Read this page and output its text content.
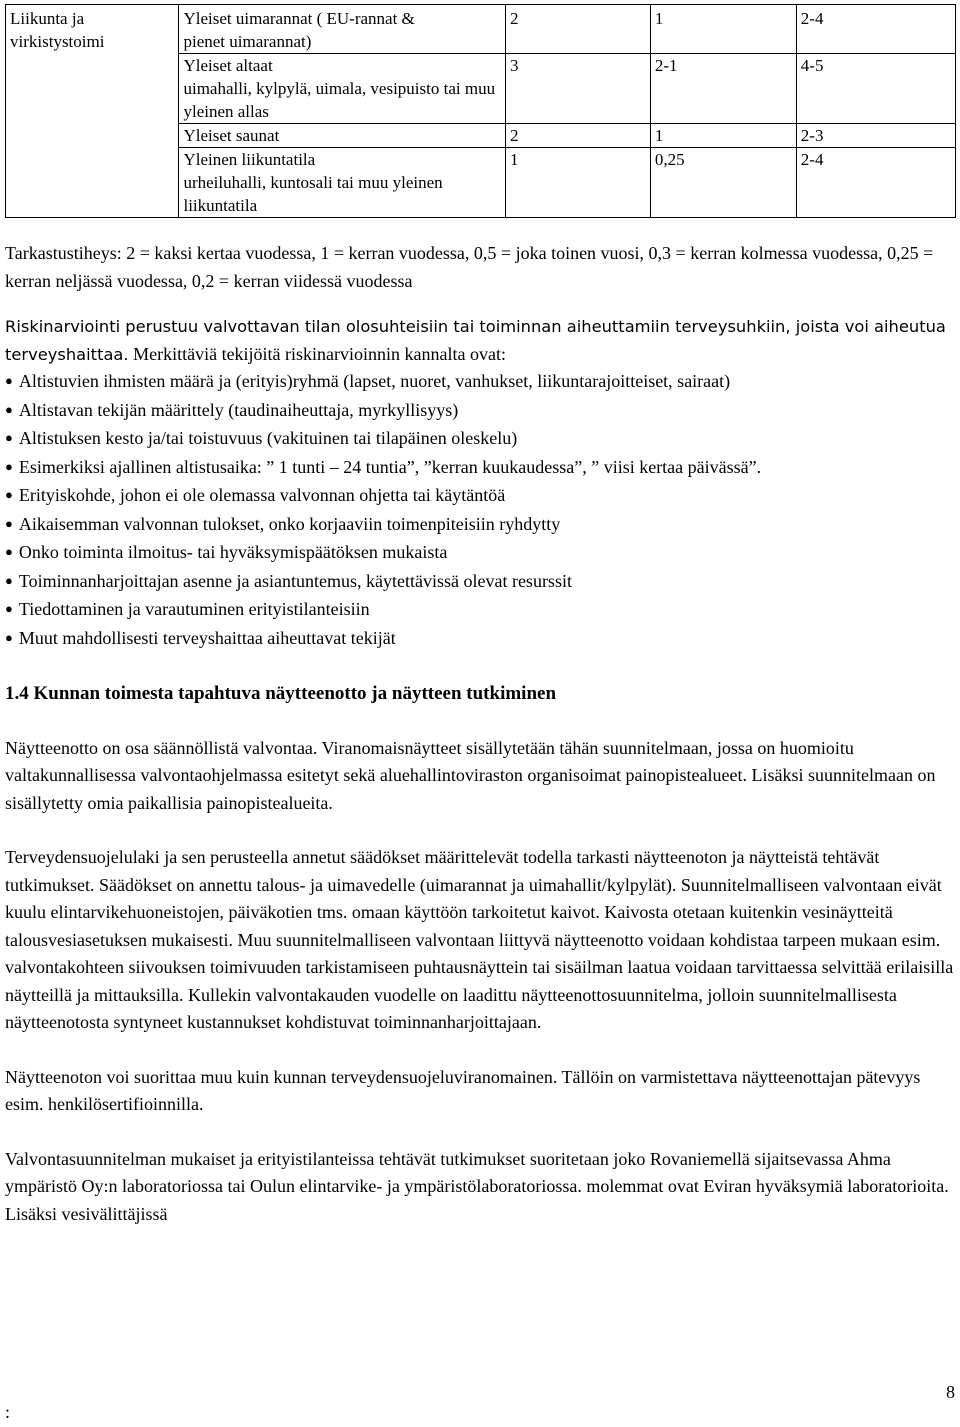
Liikunta ja
virkistystoimi	Yleiset uimarannat ( EU-rannat &
pienet uimarannat)	2	1	2-4

	Yleiset altaat
uimahalli, kylpylä, uimala, vesipuisto tai muu yleinen allas	3	2-1	4-5

	Yleiset saunat	2	1	2-3

	Yleinen liikuntatila
urheiluhalli, kuntosali tai muu yleinen liikuntatila	1	0,25	2-4

Tarkastustiheys: 2 = kaksi kertaa vuodessa, 1 = kerran vuodessa, 0,5 = joka toinen vuosi, 0,3 = kerran kolmessa vuodessa, 0,25 = kerran neljässä vuodessa, 0,2 = kerran viidessä vuodessa

Riskinarviointi perustuu valvottavan tilan olosuhteisiin tai toiminnan aiheuttamiin terveysuhkiin, joista voi aiheutua terveyshaittaa. Merkittäviä tekijöitä riskinarvioinnin kannalta ovat:

● Altistuvien ihmisten määrä ja (erityis)ryhmä (lapset, nuoret, vanhukset, liikuntarajoitteiset, sairaat)
● Altistavan tekijän määrittely (taudinaiheuttaja, myrkyllisyys)
● Altistuksen kesto ja/tai toistuvuus (vakituinen tai tilapäinen oleskelu)
● Esimerkiksi ajallinen altistusaika: ” 1 tunti – 24 tuntia”, ”kerran kuukaudessa”, ” viisi kertaa päivässä”.
● Erityiskohde, johon ei ole olemassa valvonnan ohjetta tai käytäntöä
● Aikaisemman valvonnan tulokset, onko korjaaviin toimenpiteisiin ryhdytty
● Onko toiminta ilmoitus- tai hyväksymispäätöksen mukaista
● Toiminnanharjoittajan asenne ja asiantuntemus, käytettävissä olevat resurssit
● Tiedottaminen ja varautuminen erityistilanteisiin
● Muut mahdollisesti terveyshaittaa aiheuttavat tekijät
1.4 Kunnan toimesta tapahtuva näytteenotto ja näytteen tutkiminen

Näytteenotto on osa säännöllistä valvontaa. Viranomaisnäytteet sisällytetään tähän suunnitelmaan, jossa on huomioitu valtakunnallisessa valvontaohjelmassa esitetyt sekä aluehallintoviraston organisoimat painopistealueet. Lisäksi suunnitelmaan on sisällytetty omia paikallisia painopistealueita.

Terveydensuojelulaki ja sen perusteella annetut säädökset määrittelevät todella tarkasti näytteenoton ja näytteistä tehtävät tutkimukset. Säädökset on annettu talous- ja uimavedelle (uimarannat ja uimahallit/kylpylät). Suunnitelmalliseen valvontaan eivät kuulu elintarvikehuoneistojen, päiväkotien tms. omaan käyttöön tarkoitetut kaivot. Kaivosta otetaan kuitenkin vesinäytteitä talousvesiasetuksen mukaisesti. Muu suunnitelmalliseen valvontaan liittyvä näytteenotto voidaan kohdistaa tarpeen mukaan esim. valvontakohteen siivouksen toimivuuden tarkistamiseen puhtausnäyttein tai sisäilman laatua voidaan tarvittaessa selvittää erilaisilla näytteillä ja mittauksilla. Kullekin valvontakauden vuodelle on laadittu näytteenottosuunnitelma, jolloin suunnitelmallisesta näytteenotosta syntyneet kustannukset kohdistuvat toiminnanharjoittajaan.

Näytteenoton voi suorittaa muu kuin kunnan terveydensuojeluviranomainen. Tällöin on varmistettava näytteenottajan pätevyys esim. henkilösertifioinnilla.

Valvontasuunnitelman mukaiset ja erityistilanteissa tehtävät tutkimukset suoritetaan joko Rovaniemellä sijaitsevassa Ahma ympäristö Oy:n laboratoriossa tai Oulun elintarvike- ja ympäristölaboratoriossa. molemmat ovat Eviran hyväksymiä laboratorioita. Lisäksi vesivälittäjissä

:
8
